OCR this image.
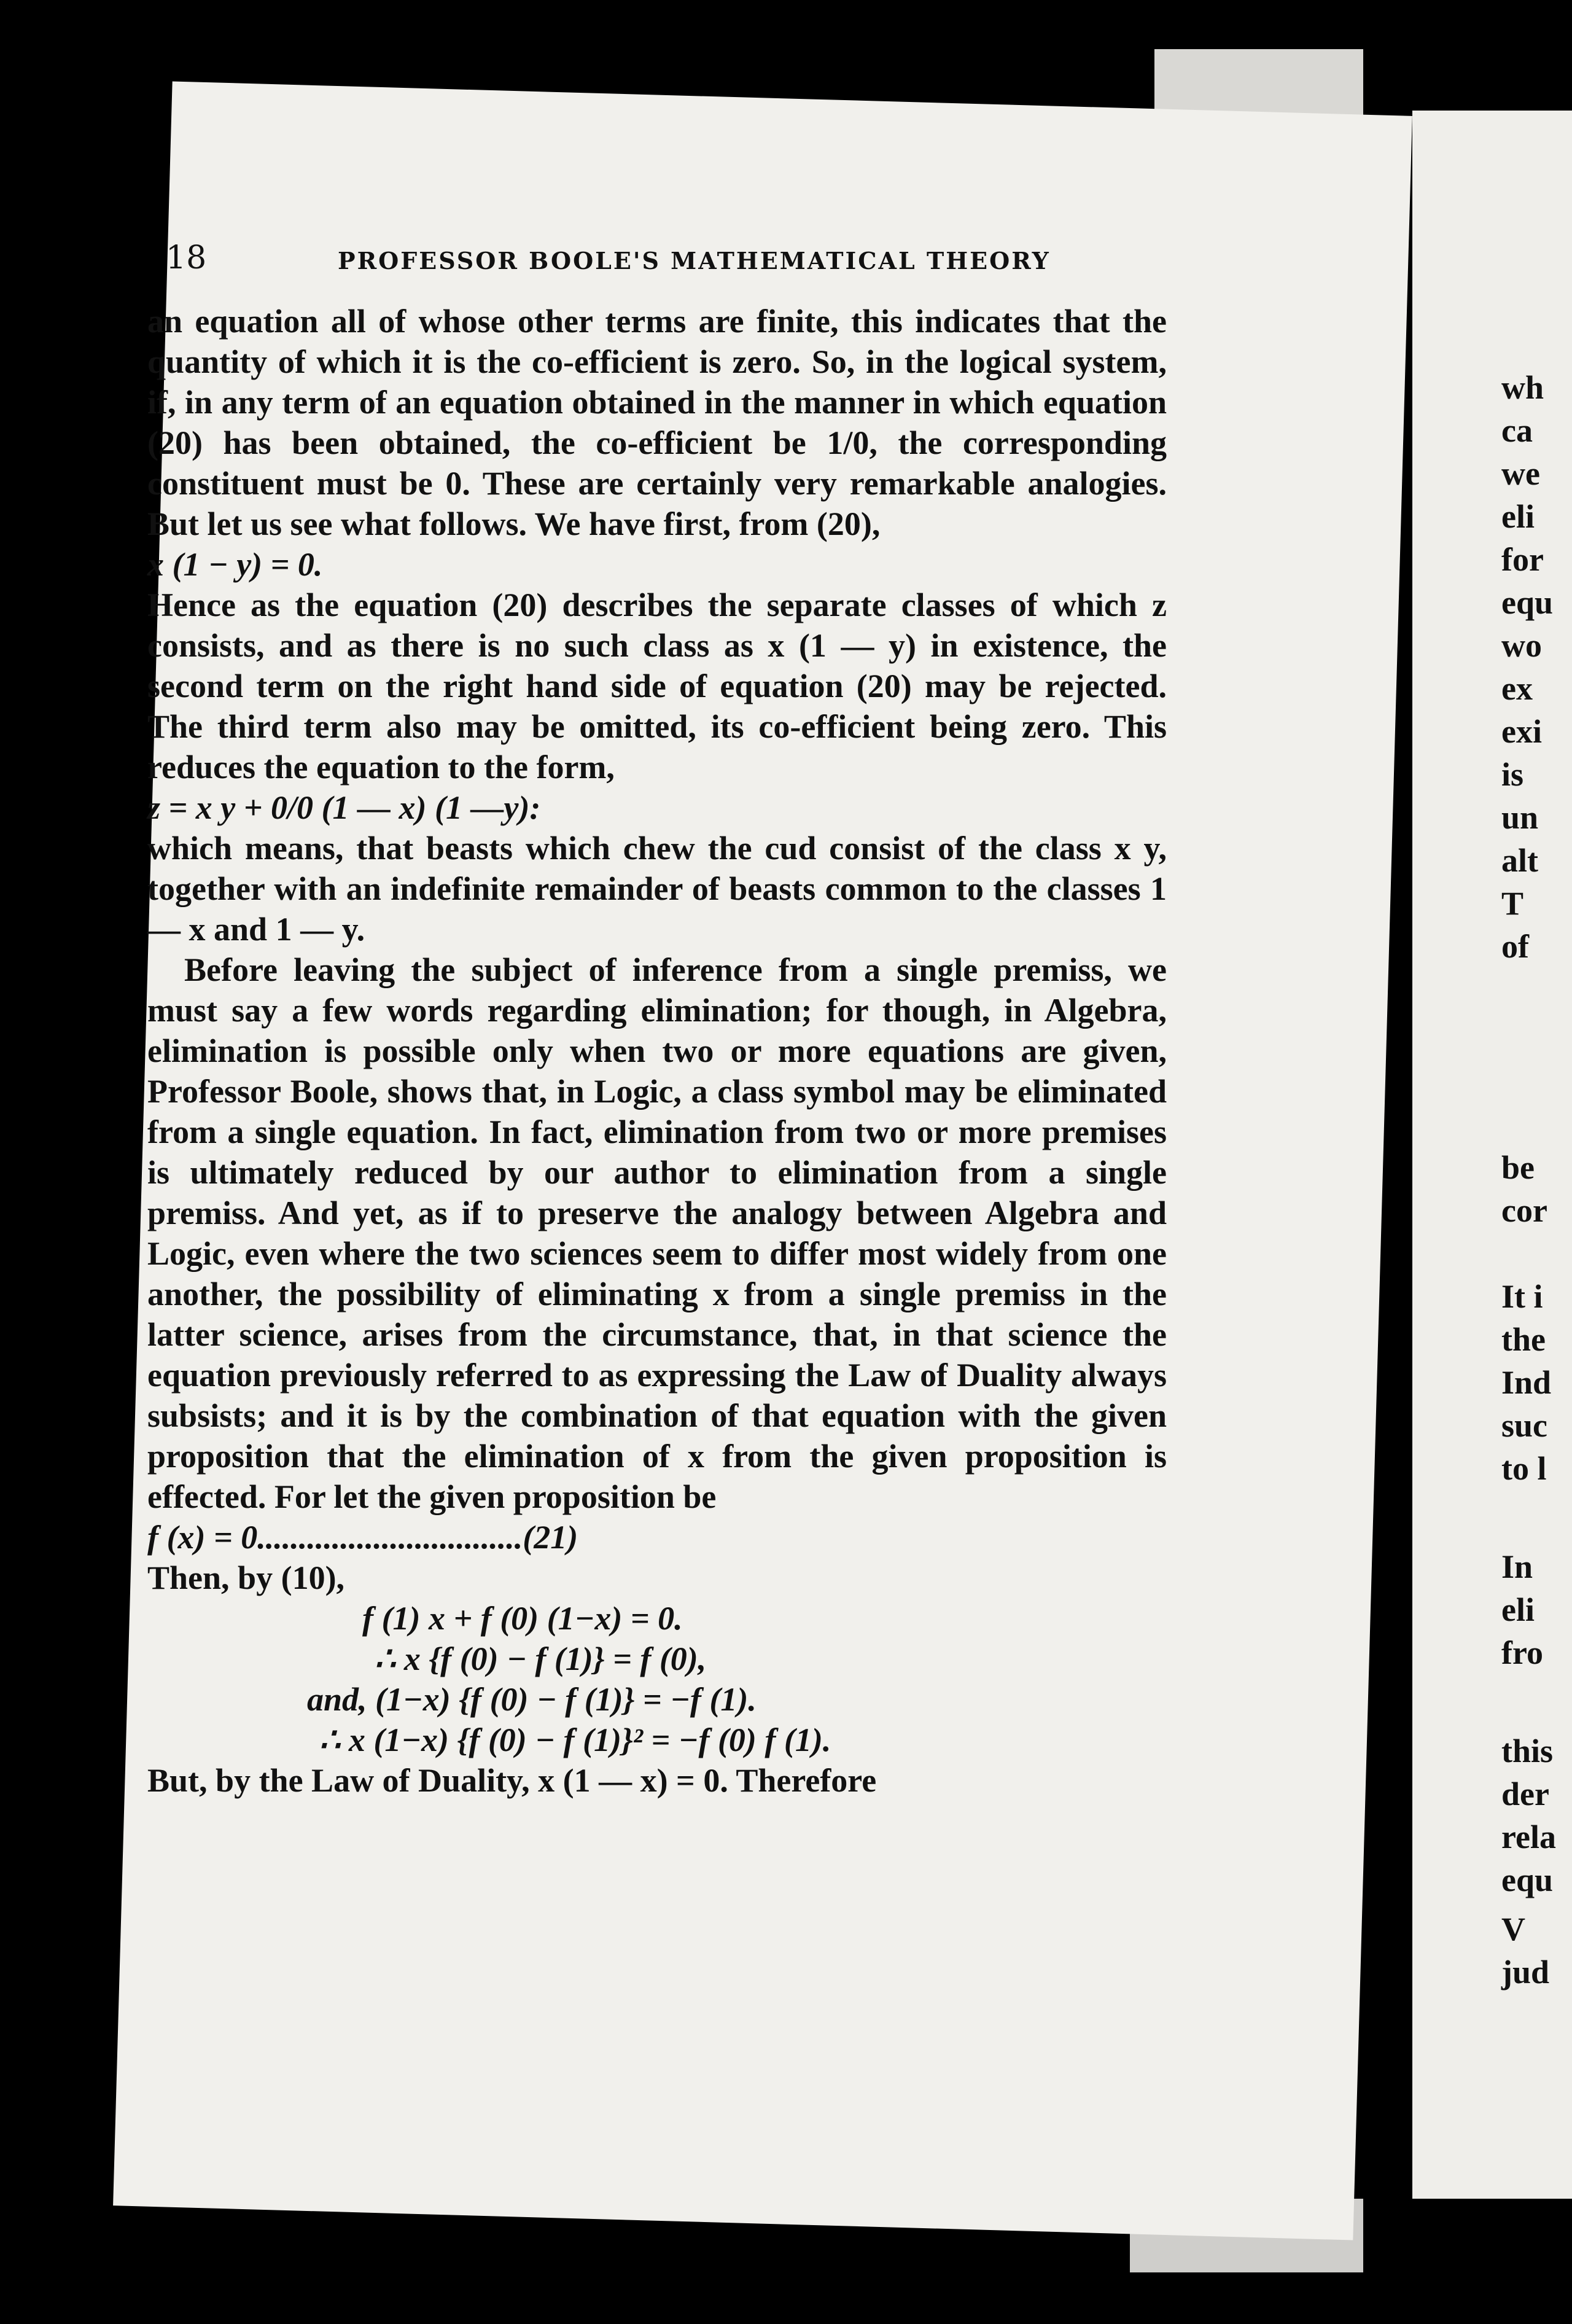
18	PROFESSOR BOOLE'S MATHEMATICAL THEORY

an equation all of whose other terms are finite, this indicates that the quantity of which it is the co-efficient is zero. So, in the logical system, if, in any term of an equation obtained in the manner in which equation (20) has been obtained, the co-efficient be 1/0, the corresponding constituent must be 0. These are certainly very remarkable analogies. But let us see what follows. We have first, from (20),

x (1 − y) = 0.

Hence as the equation (20) describes the separate classes of which z consists, and as there is no such class as x (1 — y) in existence, the second term on the right hand side of equation (20) may be rejected. The third term also may be omitted, its co-efficient being zero. This reduces the equation to the form,

z = x y + 0/0 (1 — x) (1 —y):

which means, that beasts which chew the cud consist of the class x y, together with an indefinite remainder of beasts common to the classes 1 — x and 1 — y.

Before leaving the subject of inference from a single premiss, we must say a few words regarding elimination; for though, in Algebra, elimination is possible only when two or more equations are given, Professor Boole, shows that, in Logic, a class symbol may be eliminated from a single equation. In fact, elimination from two or more premises is ultimately reduced by our author to elimination from a single premiss. And yet, as if to preserve the analogy between Algebra and Logic, even where the two sciences seem to differ most widely from one another, the possibility of eliminating x from a single premiss in the latter science, arises from the circumstance, that, in that science the equation previously referred to as expressing the Law of Duality always subsists; and it is by the combination of that equation with the given proposition that the elimination of x from the given proposition is effected. For let the given proposition be

f (x) = 0................................(21)

Then, by (10),

f (1) x + f (0) (1−x) = 0.
∴ x {f (0) − f (1)} = f (0),
and, (1−x) {f (0) − f (1)} = −f (1).
∴ x (1−x) {f (0) − f (1)}² = −f (0) f (1).

But, by the Law of Duality, x (1 — x) = 0. Therefore

wh
ca
we
eli
for
equ
wo
ex
exi
is
un
alt
T
of
be
cor
It i
the
Ind
suc
to l
In
eli
fro
this
der
rela
equ
V
jud
